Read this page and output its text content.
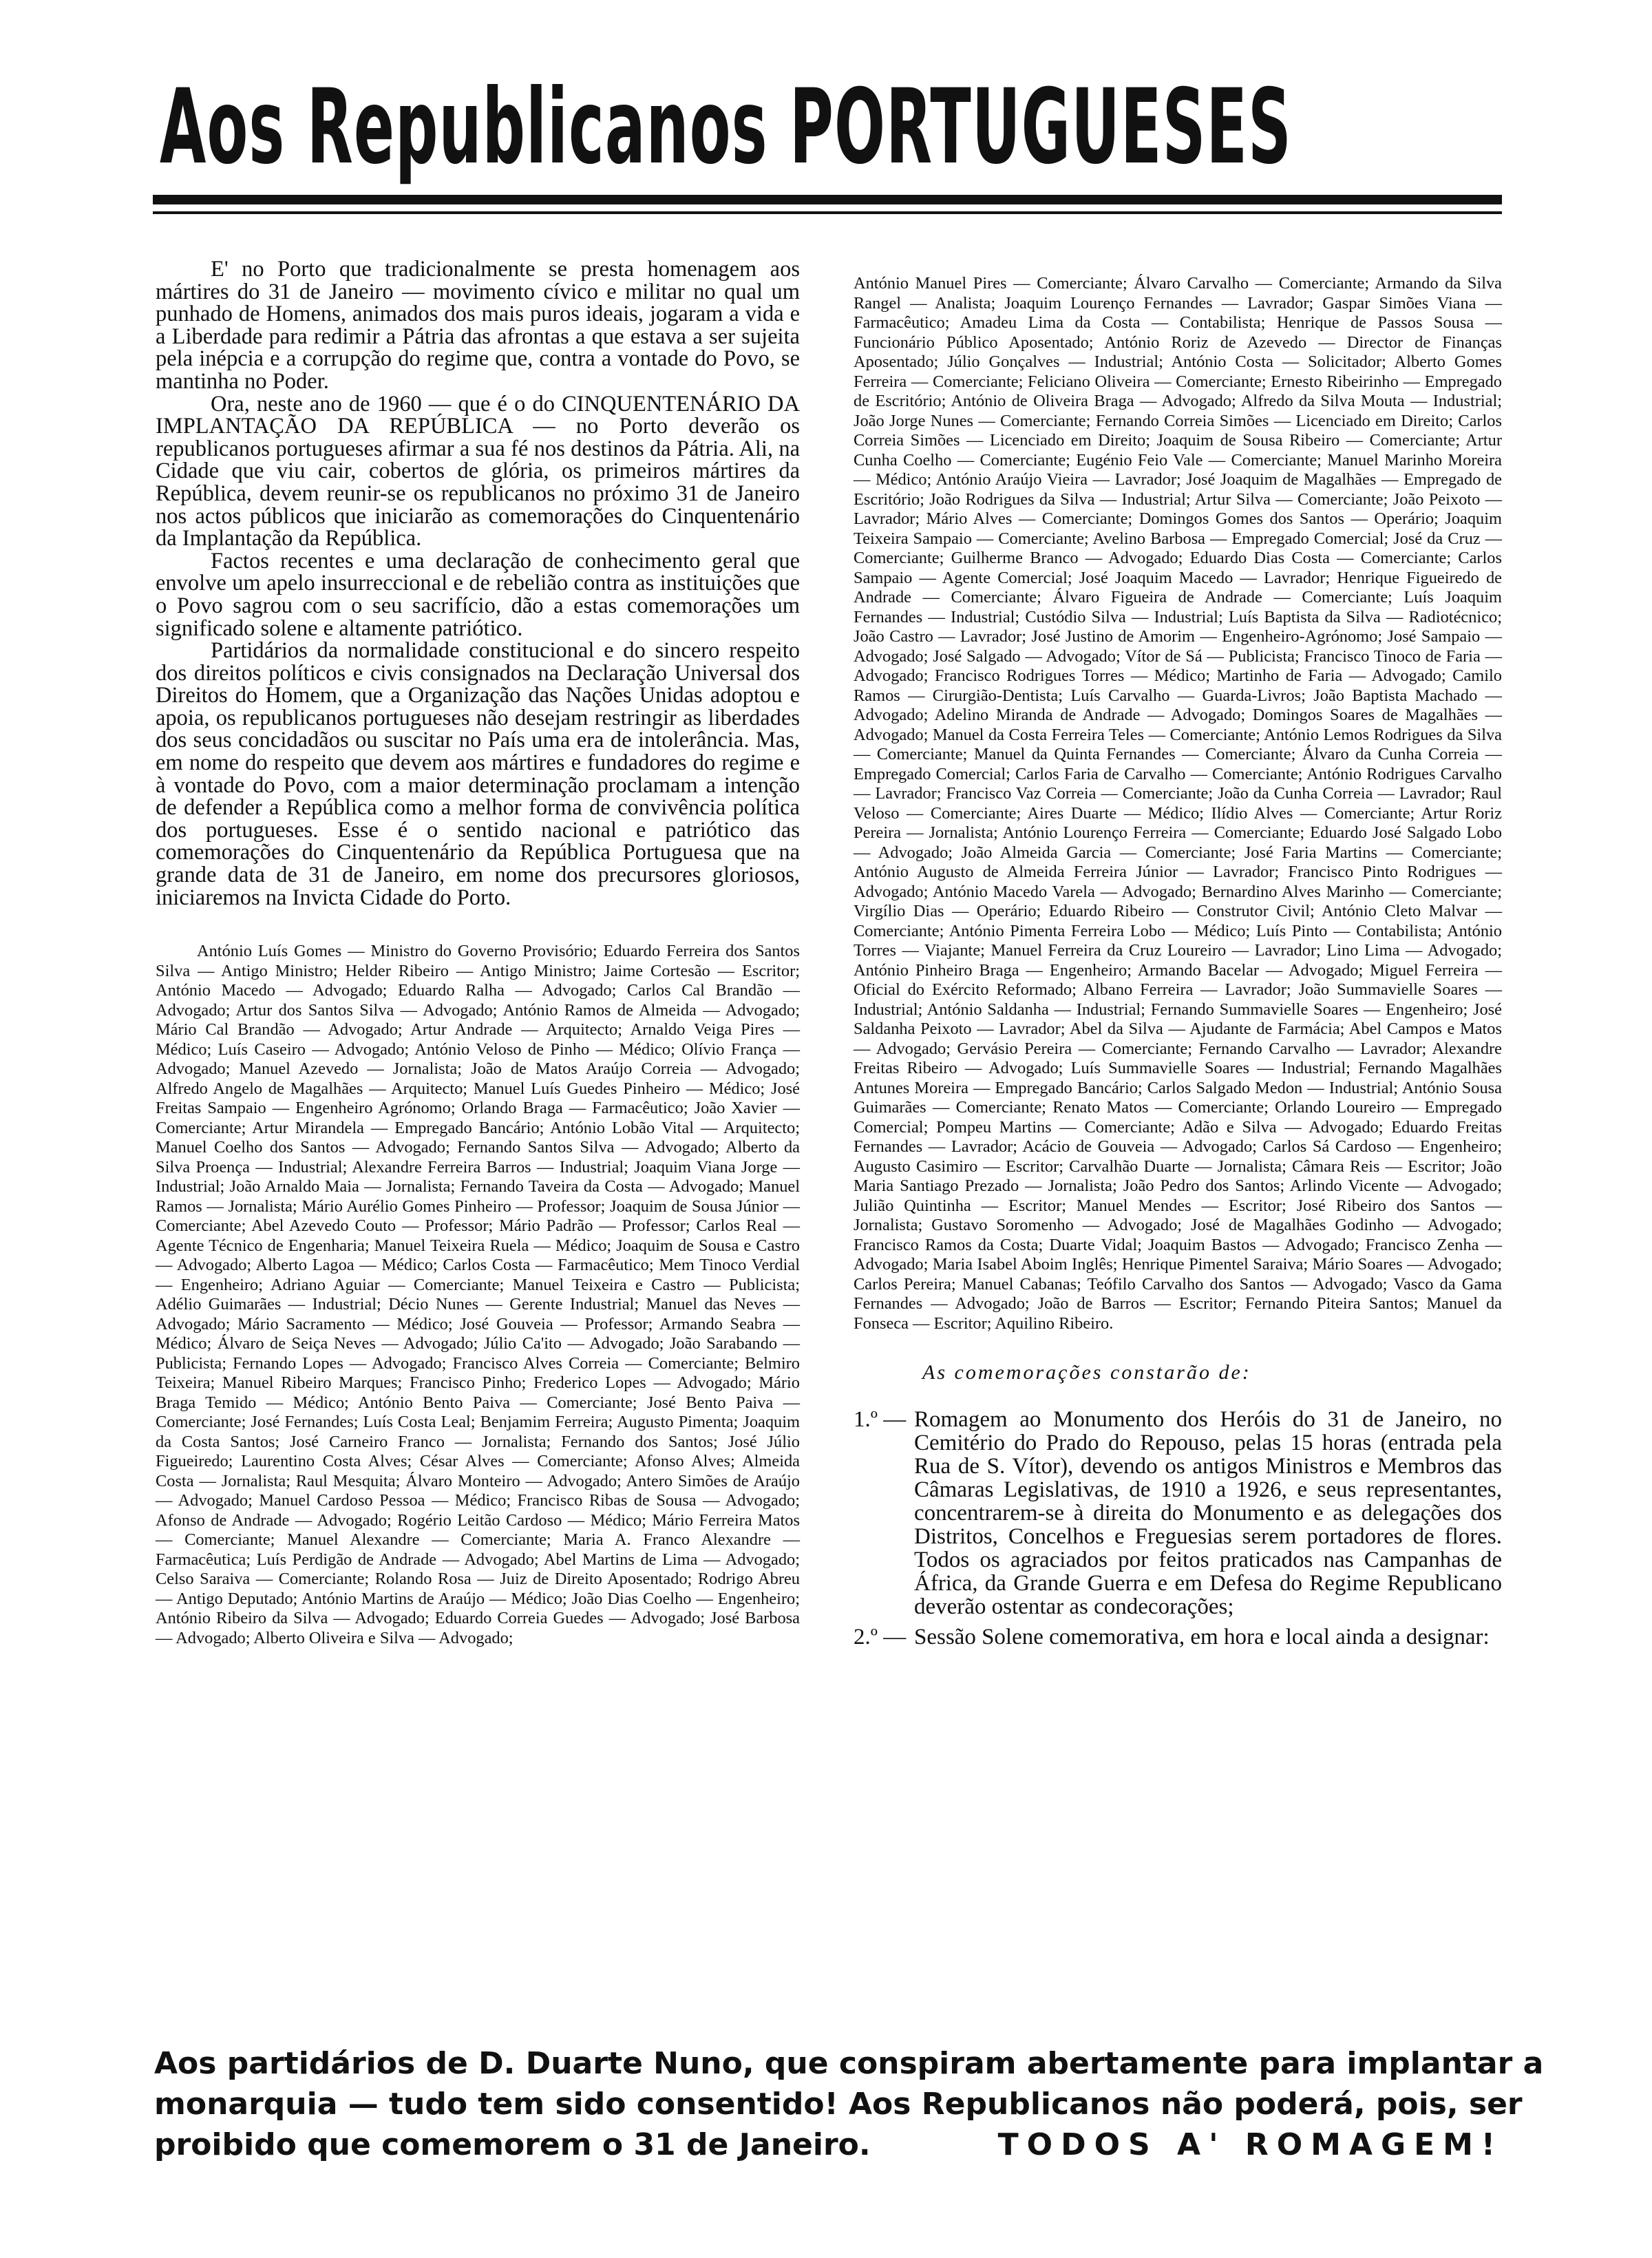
Aos Republicanos PORTUGUESES

E' no Porto que tradicionalmente se presta homenagem aos mártires do 31 de Janeiro — movimento cívico e militar no qual um punhado de Homens, animados dos mais puros ideais, jogaram a vida e a Liberdade para redimir a Pátria das afrontas a que estava a ser sujeita pela inépcia e a corrupção do regime que, contra a vontade do Povo, se mantinha no Poder.

Ora, neste ano de 1960 — que é o do CINQUENTENÁRIO DA IMPLANTAÇÃO DA REPÚBLICA — no Porto deverão os republicanos portugueses afirmar a sua fé nos destinos da Pátria. Ali, na Cidade que viu cair, cobertos de glória, os primeiros mártires da República, devem reunir-se os republicanos no próximo 31 de Janeiro nos actos públicos que iniciarão as comemorações do Cinquentenário da Implantação da República.

Factos recentes e uma declaração de conhecimento geral que envolve um apelo insurreccional e de rebelião contra as instituições que o Povo sagrou com o seu sacrifício, dão a estas comemorações um significado solene e altamente patriótico.

Partidários da normalidade constitucional e do sincero respeito dos direitos políticos e civis consignados na Declaração Universal dos Direitos do Homem, que a Organização das Nações Unidas adoptou e apoia, os republicanos portugueses não desejam restringir as liberdades dos seus concidadãos ou suscitar no País uma era de intolerância. Mas, em nome do respeito que devem aos mártires e fundadores do regime e à vontade do Povo, com a maior determinação proclamam a intenção de defender a República como a melhor forma de convivência política dos portugueses. Esse é o sentido nacional e patriótico das comemorações do Cinquentenário da República Portuguesa que na grande data de 31 de Janeiro, em nome dos precursores gloriosos, iniciaremos na Invicta Cidade do Porto.

António Luís Gomes — Ministro do Governo Provisório; Eduardo Ferreira dos Santos Silva — Antigo Ministro; Helder Ribeiro — Antigo Ministro; Jaime Cortesão — Escritor; António Macedo — Advogado; Eduardo Ralha — Advogado; Carlos Cal Brandão — Advogado; Artur dos Santos Silva — Advogado; António Ramos de Almeida — Advogado; Mário Cal Brandão — Advogado; Artur Andrade — Arquitecto; Arnaldo Veiga Pires — Médico; Luís Caseiro — Advogado; António Veloso de Pinho — Médico; Olívio França — Advogado; Manuel Azevedo — Jornalista; João de Matos Araújo Correia — Advogado; Alfredo Angelo de Magalhães — Arquitecto; Manuel Luís Guedes Pinheiro — Médico; José Freitas Sampaio — Engenheiro Agrónomo; Orlando Braga — Farmacêutico; João Xavier — Comerciante; Artur Mirandela — Empregado Bancário; António Lobão Vital — Arquitecto; Manuel Coelho dos Santos — Advogado; Fernando Santos Silva — Advogado; Alberto da Silva Proença — Industrial; Alexandre Ferreira Barros — Industrial; Joaquim Viana Jorge — Industrial; João Arnaldo Maia — Jornalista; Fernando Taveira da Costa — Advogado; Manuel Ramos — Jornalista; Mário Aurélio Gomes Pinheiro — Professor; Joaquim de Sousa Júnior — Comerciante; Abel Azevedo Couto — Professor; Mário Padrão — Professor; Carlos Real — Agente Técnico de Engenharia; Manuel Teixeira Ruela — Médico; Joaquim de Sousa e Castro — Advogado; Alberto Lagoa — Médico; Carlos Costa — Farmacêutico; Mem Tinoco Verdial — Engenheiro; Adriano Aguiar — Comerciante; Manuel Teixeira e Castro — Publicista; Adélio Guimarães — Industrial; Décio Nunes — Gerente Industrial; Manuel das Neves — Advogado; Mário Sacramento — Médico; José Gouveia — Professor; Armando Seabra — Médico; Álvaro de Seiça Neves — Advogado; Júlio Ca'ito — Advogado; João Sarabando — Publicista; Fernando Lopes — Advogado; Francisco Alves Correia — Comerciante; Belmiro Teixeira; Manuel Ribeiro Marques; Francisco Pinho; Frederico Lopes — Advogado; Mário Braga Temido — Médico; António Bento Paiva — Comerciante; José Bento Paiva — Comerciante; José Fernandes; Luís Costa Leal; Benjamim Ferreira; Augusto Pimenta; Joaquim da Costa Santos; José Carneiro Franco — Jornalista; Fernando dos Santos; José Júlio Figueiredo; Laurentino Costa Alves; César Alves — Comerciante; Afonso Alves; Almeida Costa — Jornalista; Raul Mesquita; Álvaro Monteiro — Advogado; Antero Simões de Araújo — Advogado; Manuel Cardoso Pessoa — Médico; Francisco Ribas de Sousa — Advogado; Afonso de Andrade — Advogado; Rogério Leitão Cardoso — Médico; Mário Ferreira Matos — Comerciante; Manuel Alexandre — Comerciante; Maria A. Franco Alexandre — Farmacêutica; Luís Perdigão de Andrade — Advogado; Abel Martins de Lima — Advogado; Celso Saraiva — Comerciante; Rolando Rosa — Juiz de Direito Aposentado; Rodrigo Abreu — Antigo Deputado; António Martins de Araújo — Médico; João Dias Coelho — Engenheiro; António Ribeiro da Silva — Advogado; Eduardo Correia Guedes — Advogado; José Barbosa — Advogado; Alberto Oliveira e Silva — Advogado;

António Manuel Pires — Comerciante; Álvaro Carvalho — Comerciante; Armando da Silva Rangel — Analista; Joaquim Lourenço Fernandes — Lavrador; Gaspar Simões Viana — Farmacêutico; Amadeu Lima da Costa — Contabilista; Henrique de Passos Sousa — Funcionário Público Aposentado; António Roriz de Azevedo — Director de Finanças Aposentado; Júlio Gonçalves — Industrial; António Costa — Solicitador; Alberto Gomes Ferreira — Comerciante; Feliciano Oliveira — Comerciante; Ernesto Ribeirinho — Empregado de Escritório; António de Oliveira Braga — Advogado; Alfredo da Silva Mouta — Industrial; João Jorge Nunes — Comerciante; Fernando Correia Simões — Licenciado em Direito; Carlos Correia Simões — Licenciado em Direito; Joaquim de Sousa Ribeiro — Comerciante; Artur Cunha Coelho — Comerciante; Eugénio Feio Vale — Comerciante; Manuel Marinho Moreira — Médico; António Araújo Vieira — Lavrador; José Joaquim de Magalhães — Empregado de Escritório; João Rodrigues da Silva — Industrial; Artur Silva — Comerciante; João Peixoto — Lavrador; Mário Alves — Comerciante; Domingos Gomes dos Santos — Operário; Joaquim Teixeira Sampaio — Comerciante; Avelino Barbosa — Empregado Comercial; José da Cruz — Comerciante; Guilherme Branco — Advogado; Eduardo Dias Costa — Comerciante; Carlos Sampaio — Agente Comercial; José Joaquim Macedo — Lavrador; Henrique Figueiredo de Andrade — Comerciante; Álvaro Figueira de Andrade — Comerciante; Luís Joaquim Fernandes — Industrial; Custódio Silva — Industrial; Luís Baptista da Silva — Radiotécnico; João Castro — Lavrador; José Justino de Amorim — Engenheiro-Agrónomo; José Sampaio — Advogado; José Salgado — Advogado; Vítor de Sá — Publicista; Francisco Tinoco de Faria — Advogado; Francisco Rodrigues Torres — Médico; Martinho de Faria — Advogado; Camilo Ramos — Cirurgião-Dentista; Luís Carvalho — Guarda-Livros; João Baptista Machado — Advogado; Adelino Miranda de Andrade — Advogado; Domingos Soares de Magalhães — Advogado; Manuel da Costa Ferreira Teles — Comerciante; António Lemos Rodrigues da Silva — Comerciante; Manuel da Quinta Fernandes — Comerciante; Álvaro da Cunha Correia — Empregado Comercial; Carlos Faria de Carvalho — Comerciante; António Rodrigues Carvalho — Lavrador; Francisco Vaz Correia — Comerciante; João da Cunha Correia — Lavrador; Raul Veloso — Comerciante; Aires Duarte — Médico; Ilídio Alves — Comerciante; Artur Roriz Pereira — Jornalista; António Lourenço Ferreira — Comerciante; Eduardo José Salgado Lobo — Advogado; João Almeida Garcia — Comerciante; José Faria Martins — Comerciante; António Augusto de Almeida Ferreira Júnior — Lavrador; Francisco Pinto Rodrigues — Advogado; António Macedo Varela — Advogado; Bernardino Alves Marinho — Comerciante; Virgílio Dias — Operário; Eduardo Ribeiro — Construtor Civil; António Cleto Malvar — Comerciante; António Pimenta Ferreira Lobo — Médico; Luís Pinto — Contabilista; António Torres — Viajante; Manuel Ferreira da Cruz Loureiro — Lavrador; Lino Lima — Advogado; António Pinheiro Braga — Engenheiro; Armando Bacelar — Advogado; Miguel Ferreira — Oficial do Exército Reformado; Albano Ferreira — Lavrador; João Summavielle Soares — Industrial; António Saldanha — Industrial; Fernando Summavielle Soares — Engenheiro; José Saldanha Peixoto — Lavrador; Abel da Silva — Ajudante de Farmácia; Abel Campos e Matos — Advogado; Gervásio Pereira — Comerciante; Fernando Carvalho — Lavrador; Alexandre Freitas Ribeiro — Advogado; Luís Summavielle Soares — Industrial; Fernando Magalhães Antunes Moreira — Empregado Bancário; Carlos Salgado Medon — Industrial; António Sousa Guimarães — Comerciante; Renato Matos — Comerciante; Orlando Loureiro — Empregado Comercial; Pompeu Martins — Comerciante; Adão e Silva — Advogado; Eduardo Freitas Fernandes — Lavrador; Acácio de Gouveia — Advogado; Carlos Sá Cardoso — Engenheiro; Augusto Casimiro — Escritor; Carvalhão Duarte — Jornalista; Câmara Reis — Escritor; João Maria Santiago Prezado — Jornalista; João Pedro dos Santos; Arlindo Vicente — Advogado; Julião Quintinha — Escritor; Manuel Mendes — Escritor; José Ribeiro dos Santos — Jornalista; Gustavo Soromenho — Advogado; José de Magalhães Godinho — Advogado; Francisco Ramos da Costa; Duarte Vidal; Joaquim Bastos — Advogado; Francisco Zenha — Advogado; Maria Isabel Aboim Inglês; Henrique Pimentel Saraiva; Mário Soares — Advogado; Carlos Pereira; Manuel Cabanas; Teófilo Carvalho dos Santos — Advogado; Vasco da Gama Fernandes — Advogado; João de Barros — Escritor; Fernando Piteira Santos; Manuel da Fonseca — Escritor; Aquilino Ribeiro.

As comemorações constarão de:
1.º — Romagem ao Monumento dos Heróis do 31 de Janeiro, no Cemitério do Prado do Repouso, pelas 15 horas (entrada pela Rua de S. Vítor), devendo os antigos Ministros e Membros das Câmaras Legislativas, de 1910 a 1926, e seus representantes, concentrarem-se à direita do Monumento e as delegações dos Distritos, Concelhos e Freguesias serem portadores de flores. Todos os agraciados por feitos praticados nas Campanhas de África, da Grande Guerra e em Defesa do Regime Republicano deverão ostentar as condecorações;
2.º — Sessão Solene comemorativa, em hora e local ainda a designar:
Aos partidários de D. Duarte Nuno, que conspiram abertamente para implantar a
monarquia — tudo tem sido consentido! Aos Republicanos não poderá, pois, ser
proibido que comemorem o 31 de Janeiro.	TODOS A' ROMAGEM!
